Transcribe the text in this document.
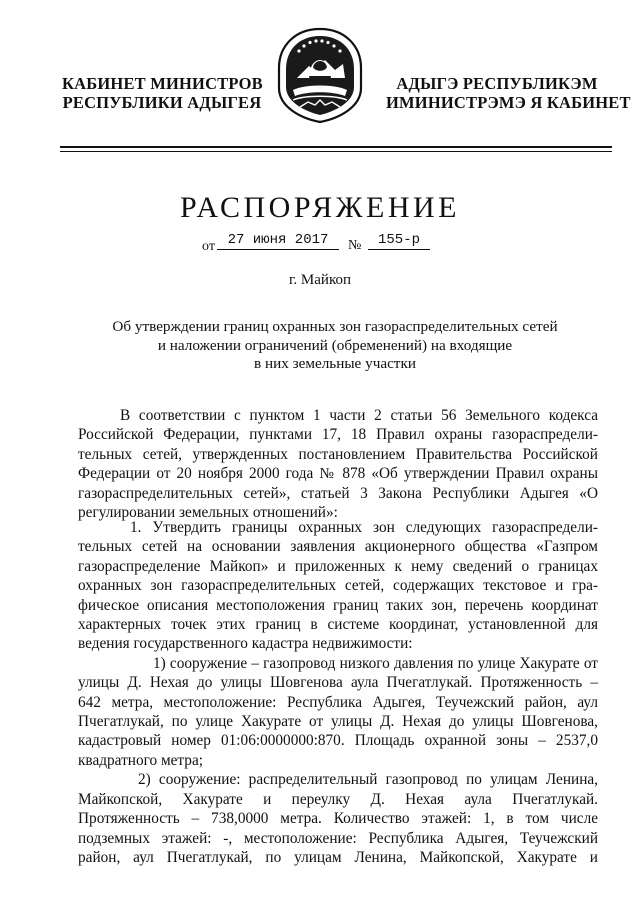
КАБИНЕТ МИНИСТРОВ
РЕСПУБЛИКИ АДЫГЕЯ
АДЫГЭ РЕСПУБЛИКЭМ
ИМИНИСТРЭМЭ Я КАБИНЕТ
РАСПОРЯЖЕНИЕ
от 27 июня 2017	№	155-р
г. Майкоп
Об утверждении границ охранных зон газораспределительных сетей
и наложении ограничений (обременений) на входящие
в них земельные участки
В соответствии с пунктом 1 части 2 статьи 56 Земельного кодекса
Российской Федерации, пунктами 17, 18 Правил охраны газораспредели-
тельных сетей, утвержденных постановлением Правительства Российской
Федерации от 20 ноября 2000 года № 878 «Об утверждении Правил охраны
газораспределительных сетей», статьей 3 Закона Республики Адыгея «О
регулировании земельных отношений»:
1. Утвердить границы охранных зон следующих газораспредели-
тельных сетей на основании заявления акционерного общества «Газпром
газораспределение Майкоп» и приложенных к нему сведений о границах
охранных зон газораспределительных сетей, содержащих текстовое и гра-
фическое описания местоположения границ таких зон, перечень координат
характерных точек этих границ в системе координат, установленной для
ведения государственного кадастра недвижимости:
1) сооружение – газопровод низкого давления по улице Хакурате от
улицы Д. Нехая до улицы Шовгенова аула Пчегатлукай. Протяженность –
642 метра, местоположение: Республика Адыгея, Теучежский район, аул
Пчегатлукай, по улице Хакурате от улицы Д. Нехая до улицы Шовгенова,
кадастровый номер 01:06:0000000:870. Площадь охранной зоны – 2537,0
квадратного метра;
2) сооружение: распределительный газопровод по улицам Ленина,
Майкопской, Хакурате и переулку Д. Нехая аула Пчегатлукай.
Протяженность – 738,0000 метра. Количество этажей: 1, в том числе
подземных этажей: -, местоположение: Республика Адыгея, Теучежский
район, аул Пчегатлукай, по улицам Ленина, Майкопской, Хакурате и
